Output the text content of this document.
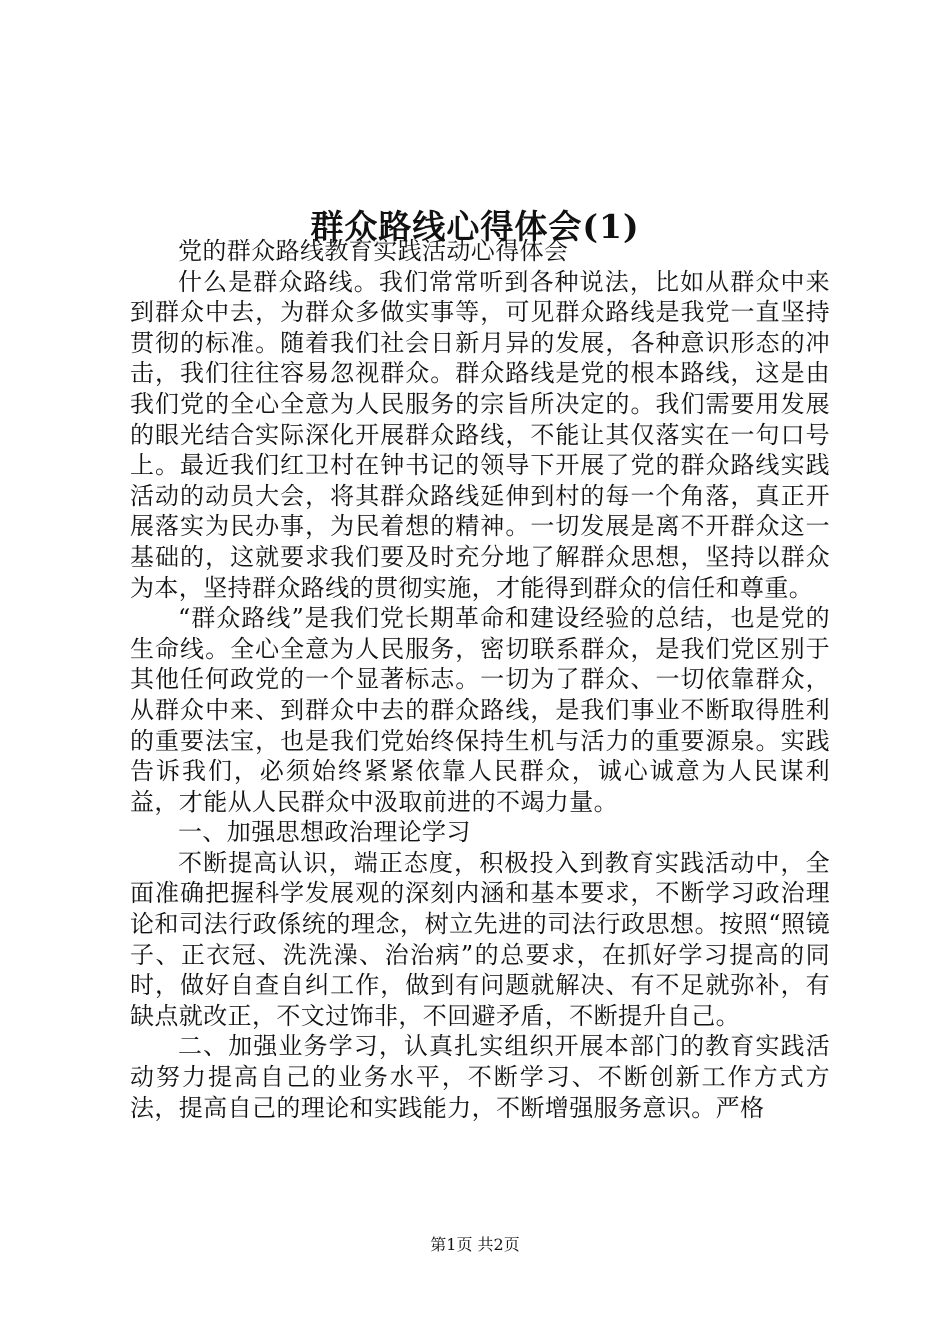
群众路线心得体会(1)

党的群众路线教育实践活动心得体会

什么是群众路线。我们常常听到各种说法，比如从群众中来到群众中去，为群众多做实事等，可见群众路线是我党一直坚持贯彻的标准。随着我们社会日新月异的发展，各种意识形态的冲击，我们往往容易忽视群众。群众路线是党的根本路线，这是由我们党的全心全意为人民服务的宗旨所决定的。我们需要用发展的眼光结合实际深化开展群众路线，不能让其仅落实在一句口号上。最近我们红卫村在钟书记的领导下开展了党的群众路线实践活动的动员大会，将其群众路线延伸到村的每一个角落，真正开展落实为民办事，为民着想的精神。一切发展是离不开群众这一基础的，这就要求我们要及时充分地了解群众思想，坚持以群众为本，坚持群众路线的贯彻实施，才能得到群众的信任和尊重。

“群众路线”是我们党长期革命和建设经验的总结，也是党的生命线。全心全意为人民服务，密切联系群众，是我们党区别于其他任何政党的一个显著标志。一切为了群众、一切依靠群众，从群众中来、到群众中去的群众路线，是我们事业不断取得胜利的重要法宝，也是我们党始终保持生机与活力的重要源泉。实践告诉我们，必须始终紧紧依靠人民群众，诚心诚意为人民谋利益，才能从人民群众中汲取前进的不竭力量。

一、加强思想政治理论学习

不断提高认识，端正态度，积极投入到教育实践活动中，全面准确把握科学发展观的深刻内涵和基本要求，不断学习政治理论和司法行政係统的理念，树立先进的司法行政思想。按照“照镜子、正衣冠、洗洗澡、治治病”的总要求，在抓好学习提高的同时，做好自查自纠工作，做到有问题就解决、有不足就弥补，有缺点就改正，不文过饰非，不回避矛盾，不断提升自己。

二、加强业务学习，认真扎实组织开展本部门的教育实践活动努力提高自己的业务水平，不断学习、不断创新工作方式方法，提高自己的理论和实践能力，不断增强服务意识。严格

第1页 共2页
